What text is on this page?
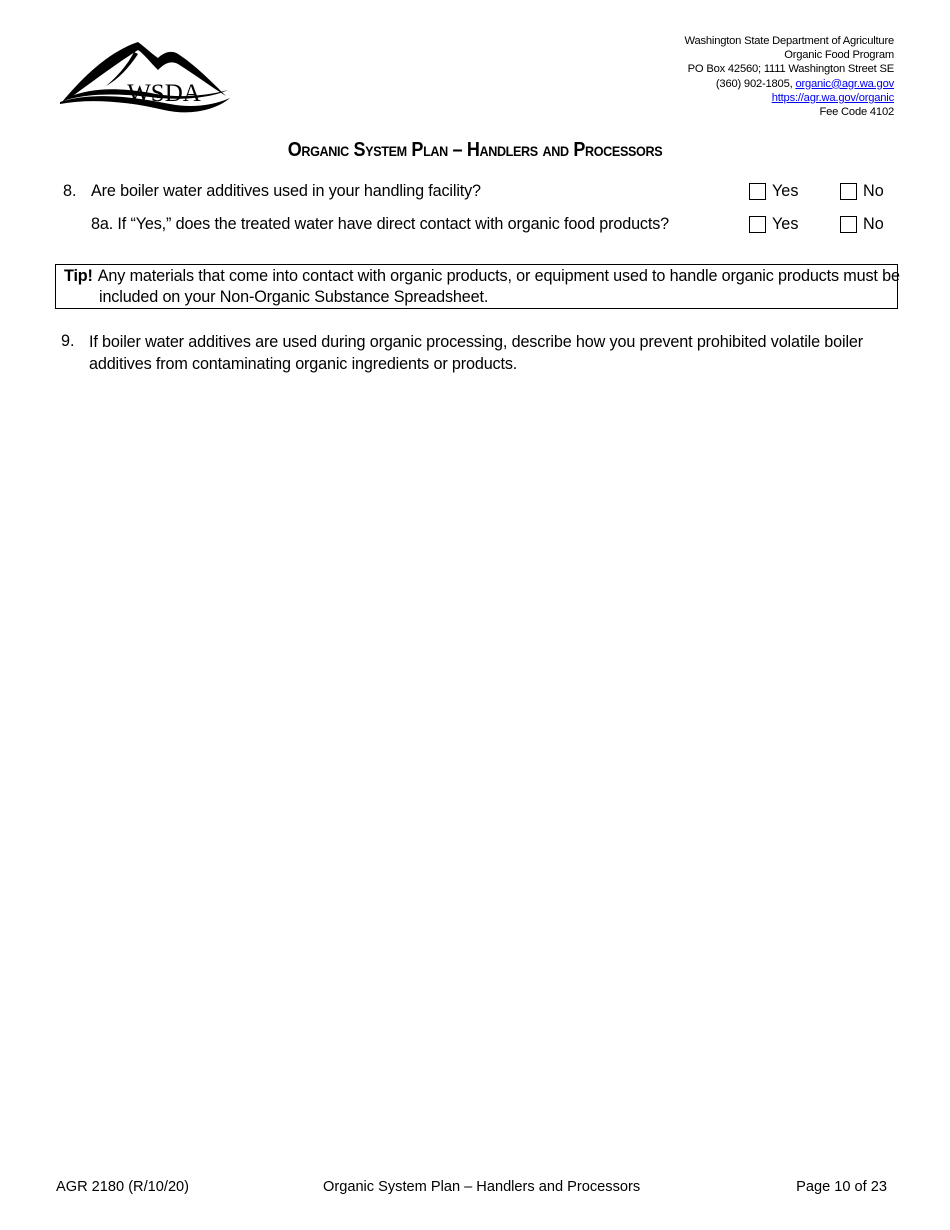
WSDA
Washington State Department of Agriculture
Organic Food Program
PO Box 42560; 1111 Washington Street SE
(360) 902-1805, organic@agr.wa.gov
https://agr.wa.gov/organic
Fee Code 4102
Organic System Plan – Handlers and Processors
8. Are boiler water additives used in your handling facility?	Yes	No
8a. If “Yes,” does the treated water have direct contact with organic food products?	Yes	No
Tip! Any materials that come into contact with organic products, or equipment used to handle organic products must be
included on your Non-Organic Substance Spreadsheet.
9. If boiler water additives are used during organic processing, describe how you prevent prohibited volatile boiler additives from contaminating organic ingredients or products.
AGR 2180 (R/10/20)	Organic System Plan – Handlers and Processors	Page 10 of 23
